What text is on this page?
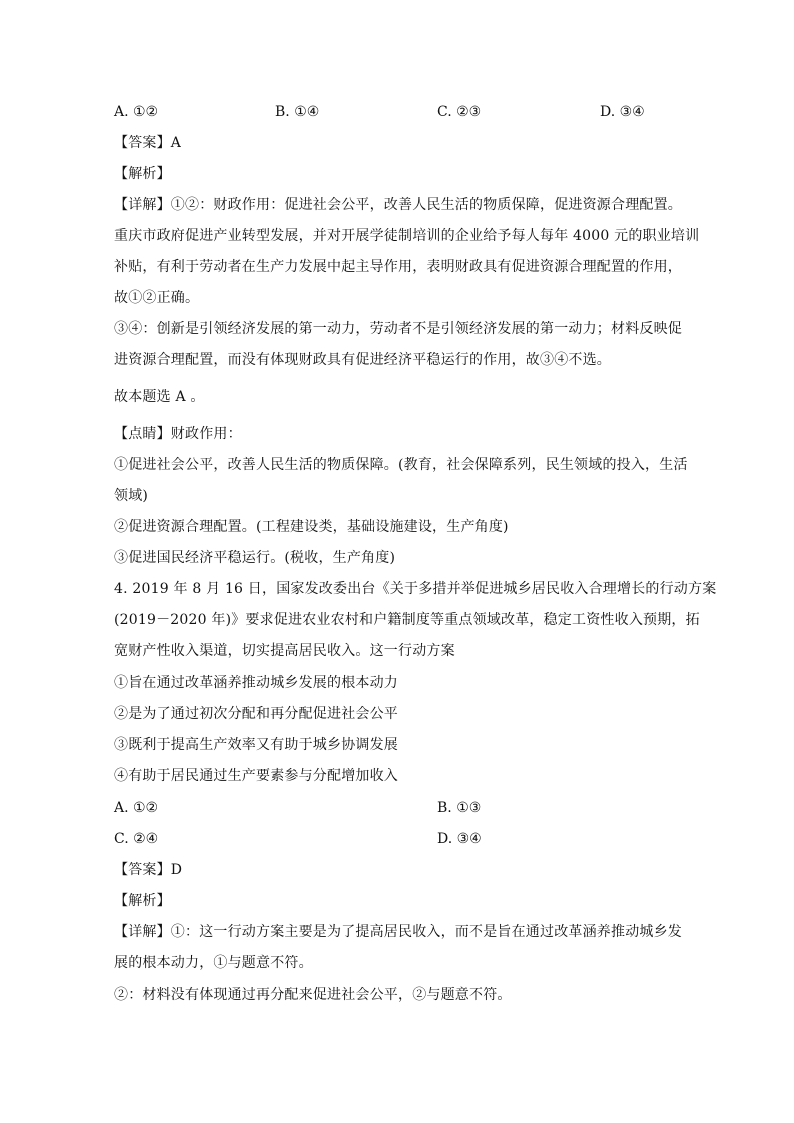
A. ①②	B. ①④	C. ②③	D. ③④
【答案】A
【解析】
【详解】①②：财政作用：促进社会公平，改善人民生活的物质保障，促进资源合理配置。
重庆市政府促进产业转型发展，并对开展学徒制培训的企业给予每人每年 4000 元的职业培训
补贴，有利于劳动者在生产力发展中起主导作用，表明财政具有促进资源合理配置的作用，
故①②正确。
③④：创新是引领经济发展的第一动力，劳动者不是引领经济发展的第一动力；材料反映促
进资源合理配置，而没有体现财政具有促进经济平稳运行的作用，故③④不选。
故本题选 A 。
【点睛】财政作用：
①促进社会公平，改善人民生活的物质保障。(教育，社会保障系列，民生领域的投入，生活
领域)
②促进资源合理配置。(工程建设类，基础设施建设，生产角度)
③促进国民经济平稳运行。(税收，生产角度)
4. 2019 年 8 月 16 日，国家发改委出台《关于多措并举促进城乡居民收入合理增长的行动方案
(2019－2020 年)》要求促进农业农村和户籍制度等重点领域改革，稳定工资性收入预期，拓
宽财产性收入渠道，切实提高居民收入。这一行动方案
①旨在通过改革涵养推动城乡发展的根本动力
②是为了通过初次分配和再分配促进社会公平
③既利于提高生产效率又有助于城乡协调发展
④有助于居民通过生产要素参与分配增加收入
A. ①②	B. ①③
C. ②④	D. ③④
【答案】D
【解析】
【详解】①：这一行动方案主要是为了提高居民收入，而不是旨在通过改革涵养推动城乡发
展的根本动力，①与题意不符。
②：材料没有体现通过再分配来促进社会公平，②与题意不符。
